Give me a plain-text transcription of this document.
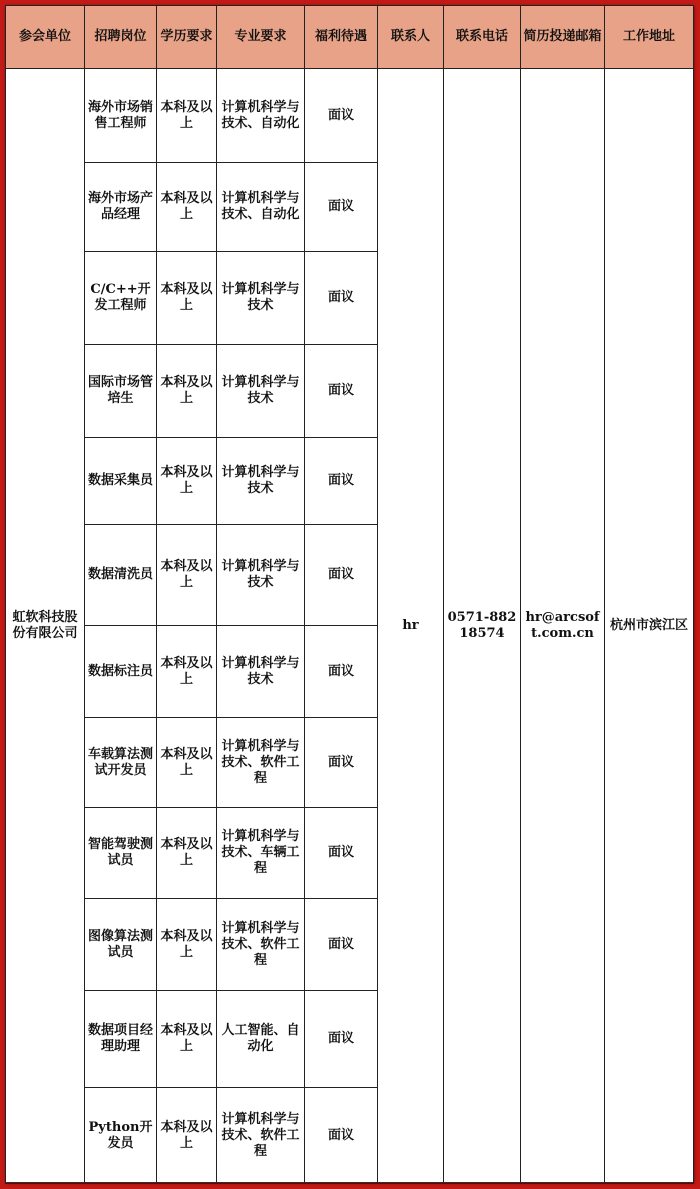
参会单位	招聘岗位	学历要求	专业要求	福利待遇	联系人	联系电话	简历投递邮箱	工作地址
虹软科技股份有限公司	海外市场销售工程师	本科及以上	计算机科学与技术、自动化	面议	hr	0571-88218574	hr@arcsoft.com.cn	杭州市滨江区
	海外市场产品经理	本科及以上	计算机科学与技术、自动化	面议				
	C/C++开发工程师	本科及以上	计算机科学与技术	面议				
	国际市场管培生	本科及以上	计算机科学与技术	面议				
	数据采集员	本科及以上	计算机科学与技术	面议				
	数据清洗员	本科及以上	计算机科学与技术	面议				
	数据标注员	本科及以上	计算机科学与技术	面议				
	车载算法测试开发员	本科及以上	计算机科学与技术、软件工程	面议				
	智能驾驶测试员	本科及以上	计算机科学与技术、车辆工程	面议				
	图像算法测试员	本科及以上	计算机科学与技术、软件工程	面议				
	数据项目经理助理	本科及以上	人工智能、自动化	面议				
	Python开发员	本科及以上	计算机科学与技术、软件工程	面议				
